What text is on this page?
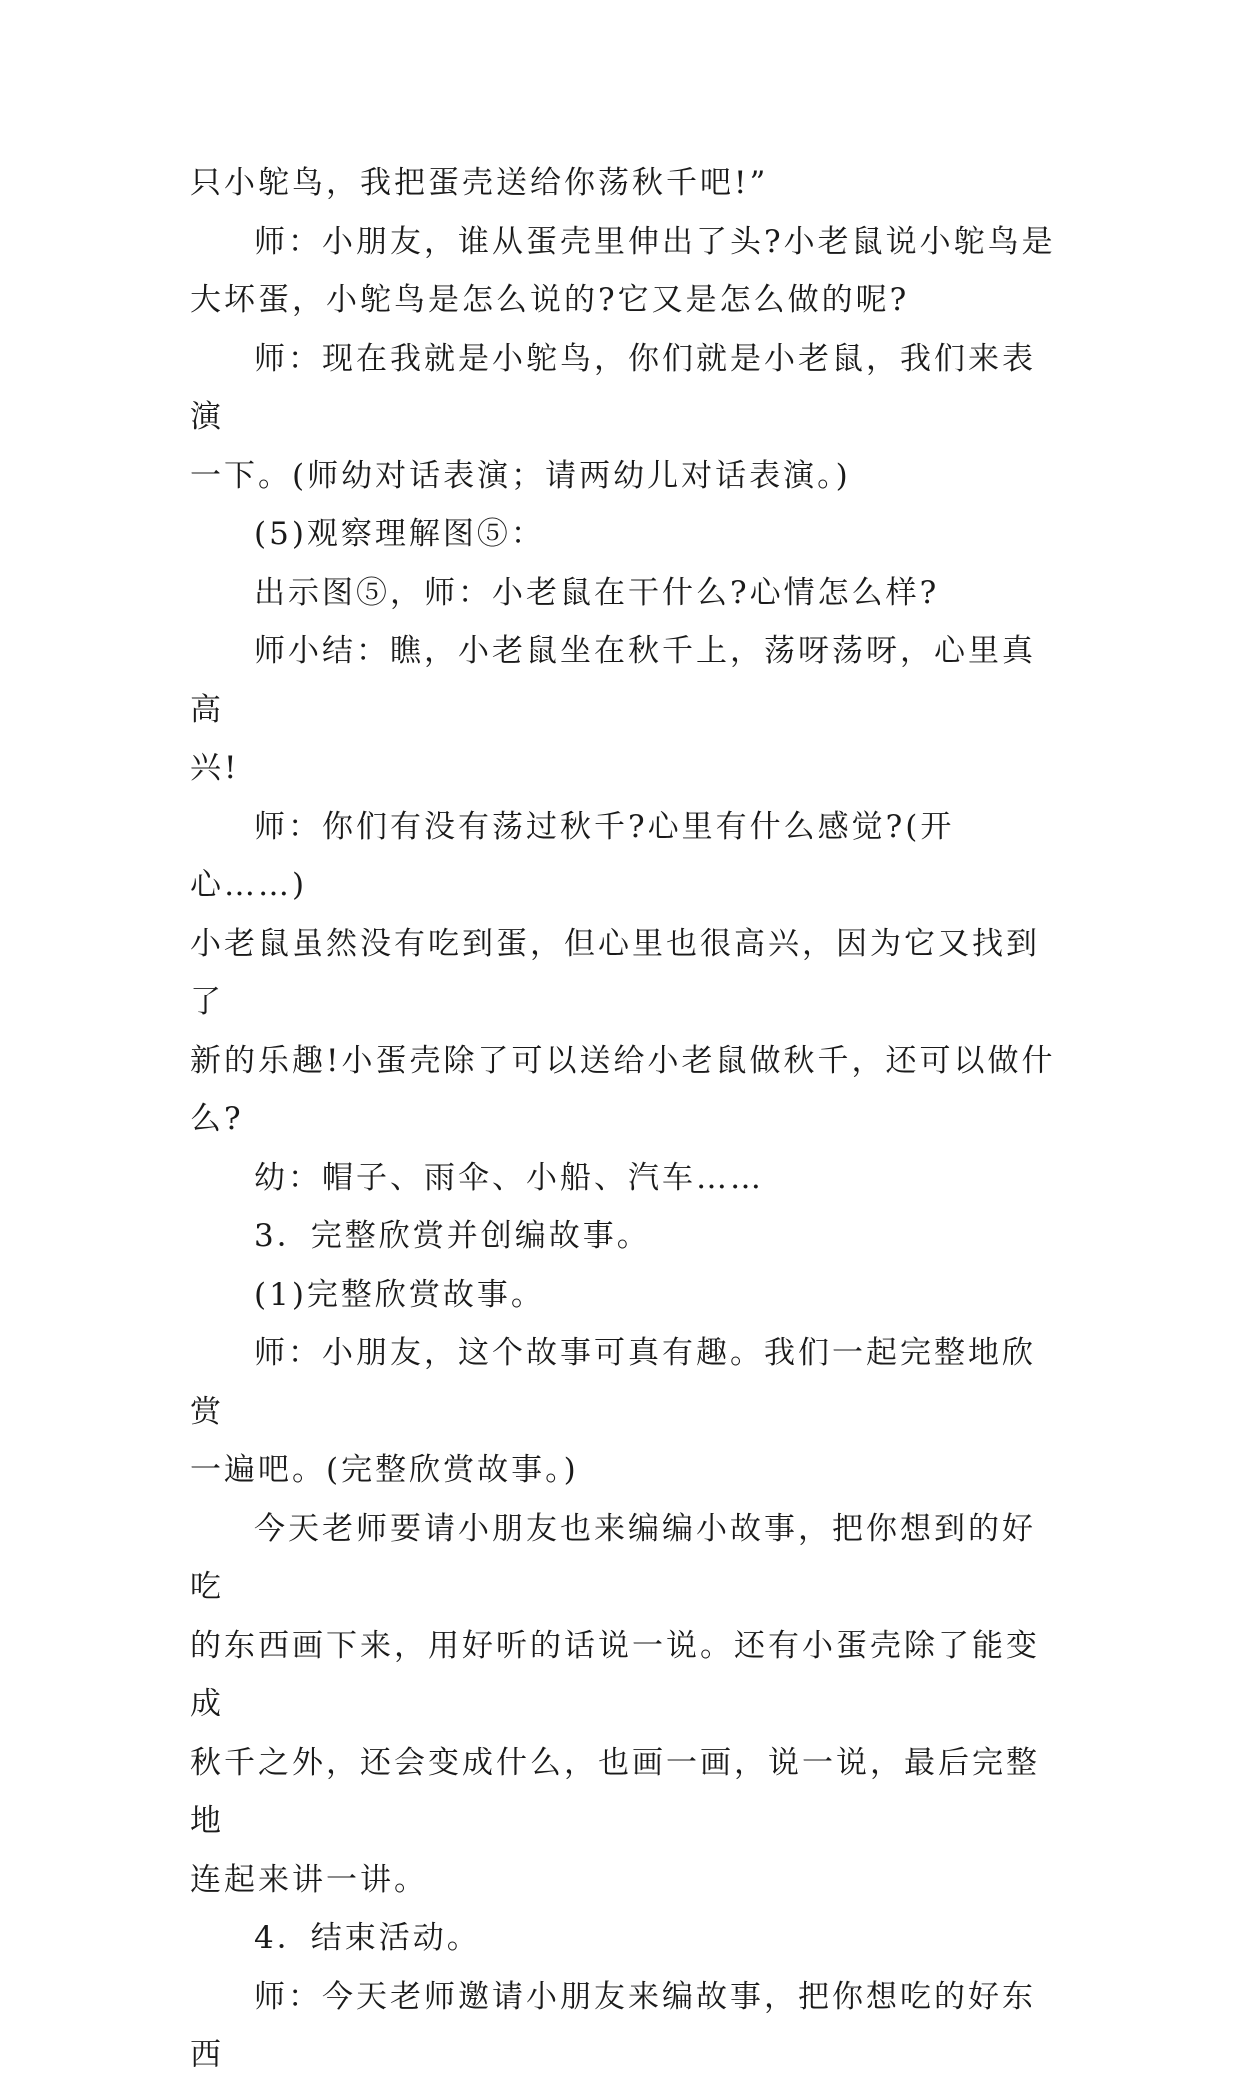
只小鸵鸟，我把蛋壳送给你荡秋千吧!”

师：小朋友，谁从蛋壳里伸出了头?小老鼠说小鸵鸟是
大坏蛋，小鸵鸟是怎么说的?它又是怎么做的呢?

师：现在我就是小鸵鸟，你们就是小老鼠，我们来表演
一下。(师幼对话表演；请两幼儿对话表演。)

(5)观察理解图⑤：

出示图⑤，师：小老鼠在干什么?心情怎么样?

师小结：瞧，小老鼠坐在秋千上，荡呀荡呀，心里真高
兴!

师：你们有没有荡过秋千?心里有什么感觉?(开心……)
小老鼠虽然没有吃到蛋，但心里也很高兴，因为它又找到了
新的乐趣!小蛋壳除了可以送给小老鼠做秋千，还可以做什
么?

幼：帽子、雨伞、小船、汽车……

3．完整欣赏并创编故事。

(1)完整欣赏故事。

师：小朋友，这个故事可真有趣。我们一起完整地欣赏
一遍吧。(完整欣赏故事。)

今天老师要请小朋友也来编编小故事，把你想到的好吃
的东西画下来，用好听的话说一说。还有小蛋壳除了能变成
秋千之外，还会变成什么，也画一画，说一说，最后完整地
连起来讲一讲。

4．结束活动。

师：今天老师邀请小朋友来编故事，把你想吃的好东西
